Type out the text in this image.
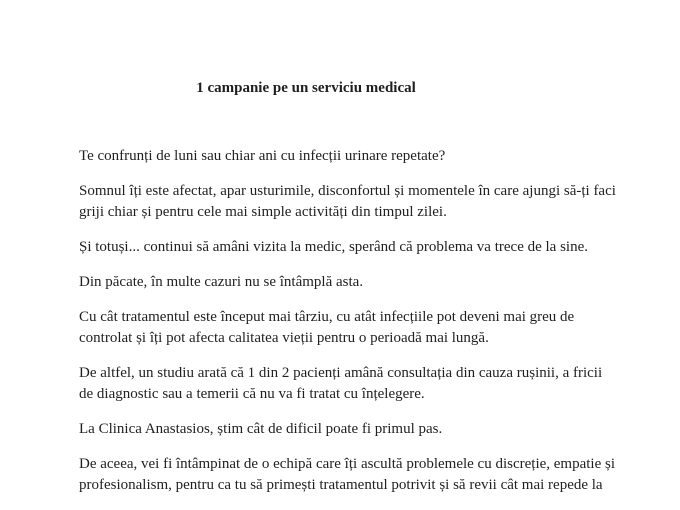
1 campanie pe un serviciu medical

Te confrunți de luni sau chiar ani cu infecții urinare repetate?

Somnul îți este afectat, apar usturimile, disconfortul și momentele în care ajungi să-ți faci
griji chiar și pentru cele mai simple activități din timpul zilei.

Și totuși... continui să amâni vizita la medic, sperând că problema va trece de la sine.

Din păcate, în multe cazuri nu se întâmplă asta.

Cu cât tratamentul este început mai târziu, cu atât infecțiile pot deveni mai greu de
controlat și îți pot afecta calitatea vieții pentru o perioadă mai lungă.

De altfel, un studiu arată că 1 din 2 pacienți amână consultația din cauza rușinii, a fricii
de diagnostic sau a temerii că nu va fi tratat cu înțelegere.

La Clinica Anastasios, știm cât de dificil poate fi primul pas.

De aceea, vei fi întâmpinat de o echipă care îți ascultă problemele cu discreție, empatie și
profesionalism, pentru ca tu să primești tratamentul potrivit și să revii cât mai repede la
